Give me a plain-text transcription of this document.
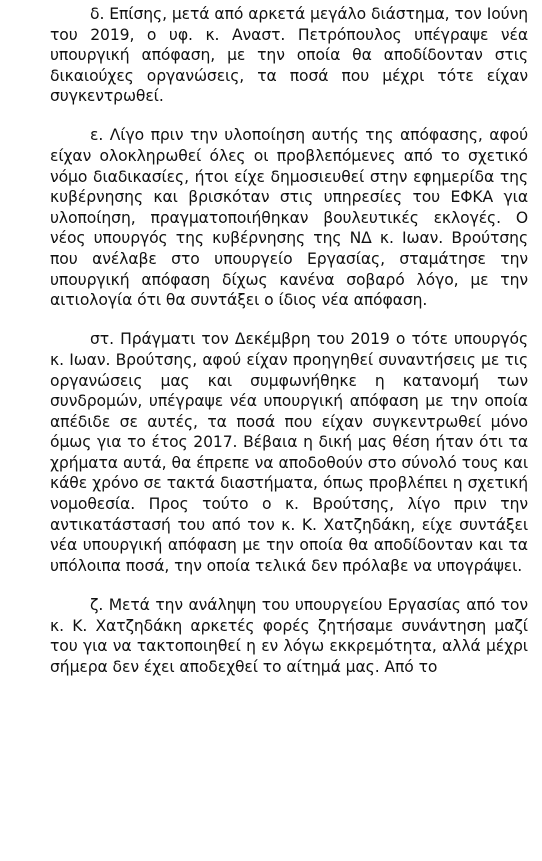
δ. Επίσης, μετά από αρκετά μεγάλο διάστημα, τον Ιούνη του 2019, ο υφ. κ. Αναστ. Πετρόπουλος υπέγραψε νέα υπουργική απόφαση, με την οποία θα αποδίδονταν στις δικαιούχες οργανώσεις, τα ποσά που μέχρι τότε είχαν συγκεντρωθεί.

ε. Λίγο πριν την υλοποίηση αυτής της απόφασης, αφού είχαν ολοκληρωθεί όλες οι προβλεπόμενες από το σχετικό νόμο διαδικασίες, ήτοι είχε δημοσιευθεί στην εφημερίδα της κυβέρνησης και βρισκόταν στις υπηρεσίες του ΕΦΚΑ για υλοποίηση, πραγματοποιήθηκαν βουλευτικές εκλογές. Ο νέος υπουργός της κυβέρνησης της ΝΔ κ. Ιωαν. Βρούτσης που ανέλαβε στο υπουργείο Εργασίας, σταμάτησε την υπουργική απόφαση δίχως κανένα σοβαρό λόγο, με την αιτιολογία ότι θα συντάξει ο ίδιος νέα απόφαση.

στ. Πράγματι τον Δεκέμβρη του 2019 ο τότε υπουργός κ. Ιωαν. Βρούτσης, αφού είχαν προηγηθεί συναντήσεις με τις οργανώσεις μας και συμφωνήθηκε η κατανομή των συνδρομών, υπέγραψε νέα υπουργική απόφαση με την οποία απέδιδε σε αυτές, τα ποσά που είχαν συγκεντρωθεί μόνο όμως για το έτος 2017. Βέβαια η δική μας θέση ήταν ότι τα χρήματα αυτά, θα έπρεπε να αποδοθούν στο σύνολό τους και κάθε χρόνο σε τακτά διαστήματα, όπως προβλέπει η σχετική νομοθεσία. Προς τούτο ο κ. Βρούτσης, λίγο πριν την αντικατάστασή του από τον κ. Κ. Χατζηδάκη, είχε συντάξει νέα υπουργική απόφαση με την οποία θα αποδίδονταν και τα υπόλοιπα ποσά, την οποία τελικά δεν πρόλαβε να υπογράψει.

ζ. Μετά την ανάληψη του υπουργείου Εργασίας από τον κ. Κ. Χατζηδάκη αρκετές φορές ζητήσαμε συνάντηση μαζί του για να τακτοποιηθεί η εν λόγω εκκρεμότητα, αλλά μέχρι σήμερα δεν έχει αποδεχθεί το αίτημά μας. Από το
